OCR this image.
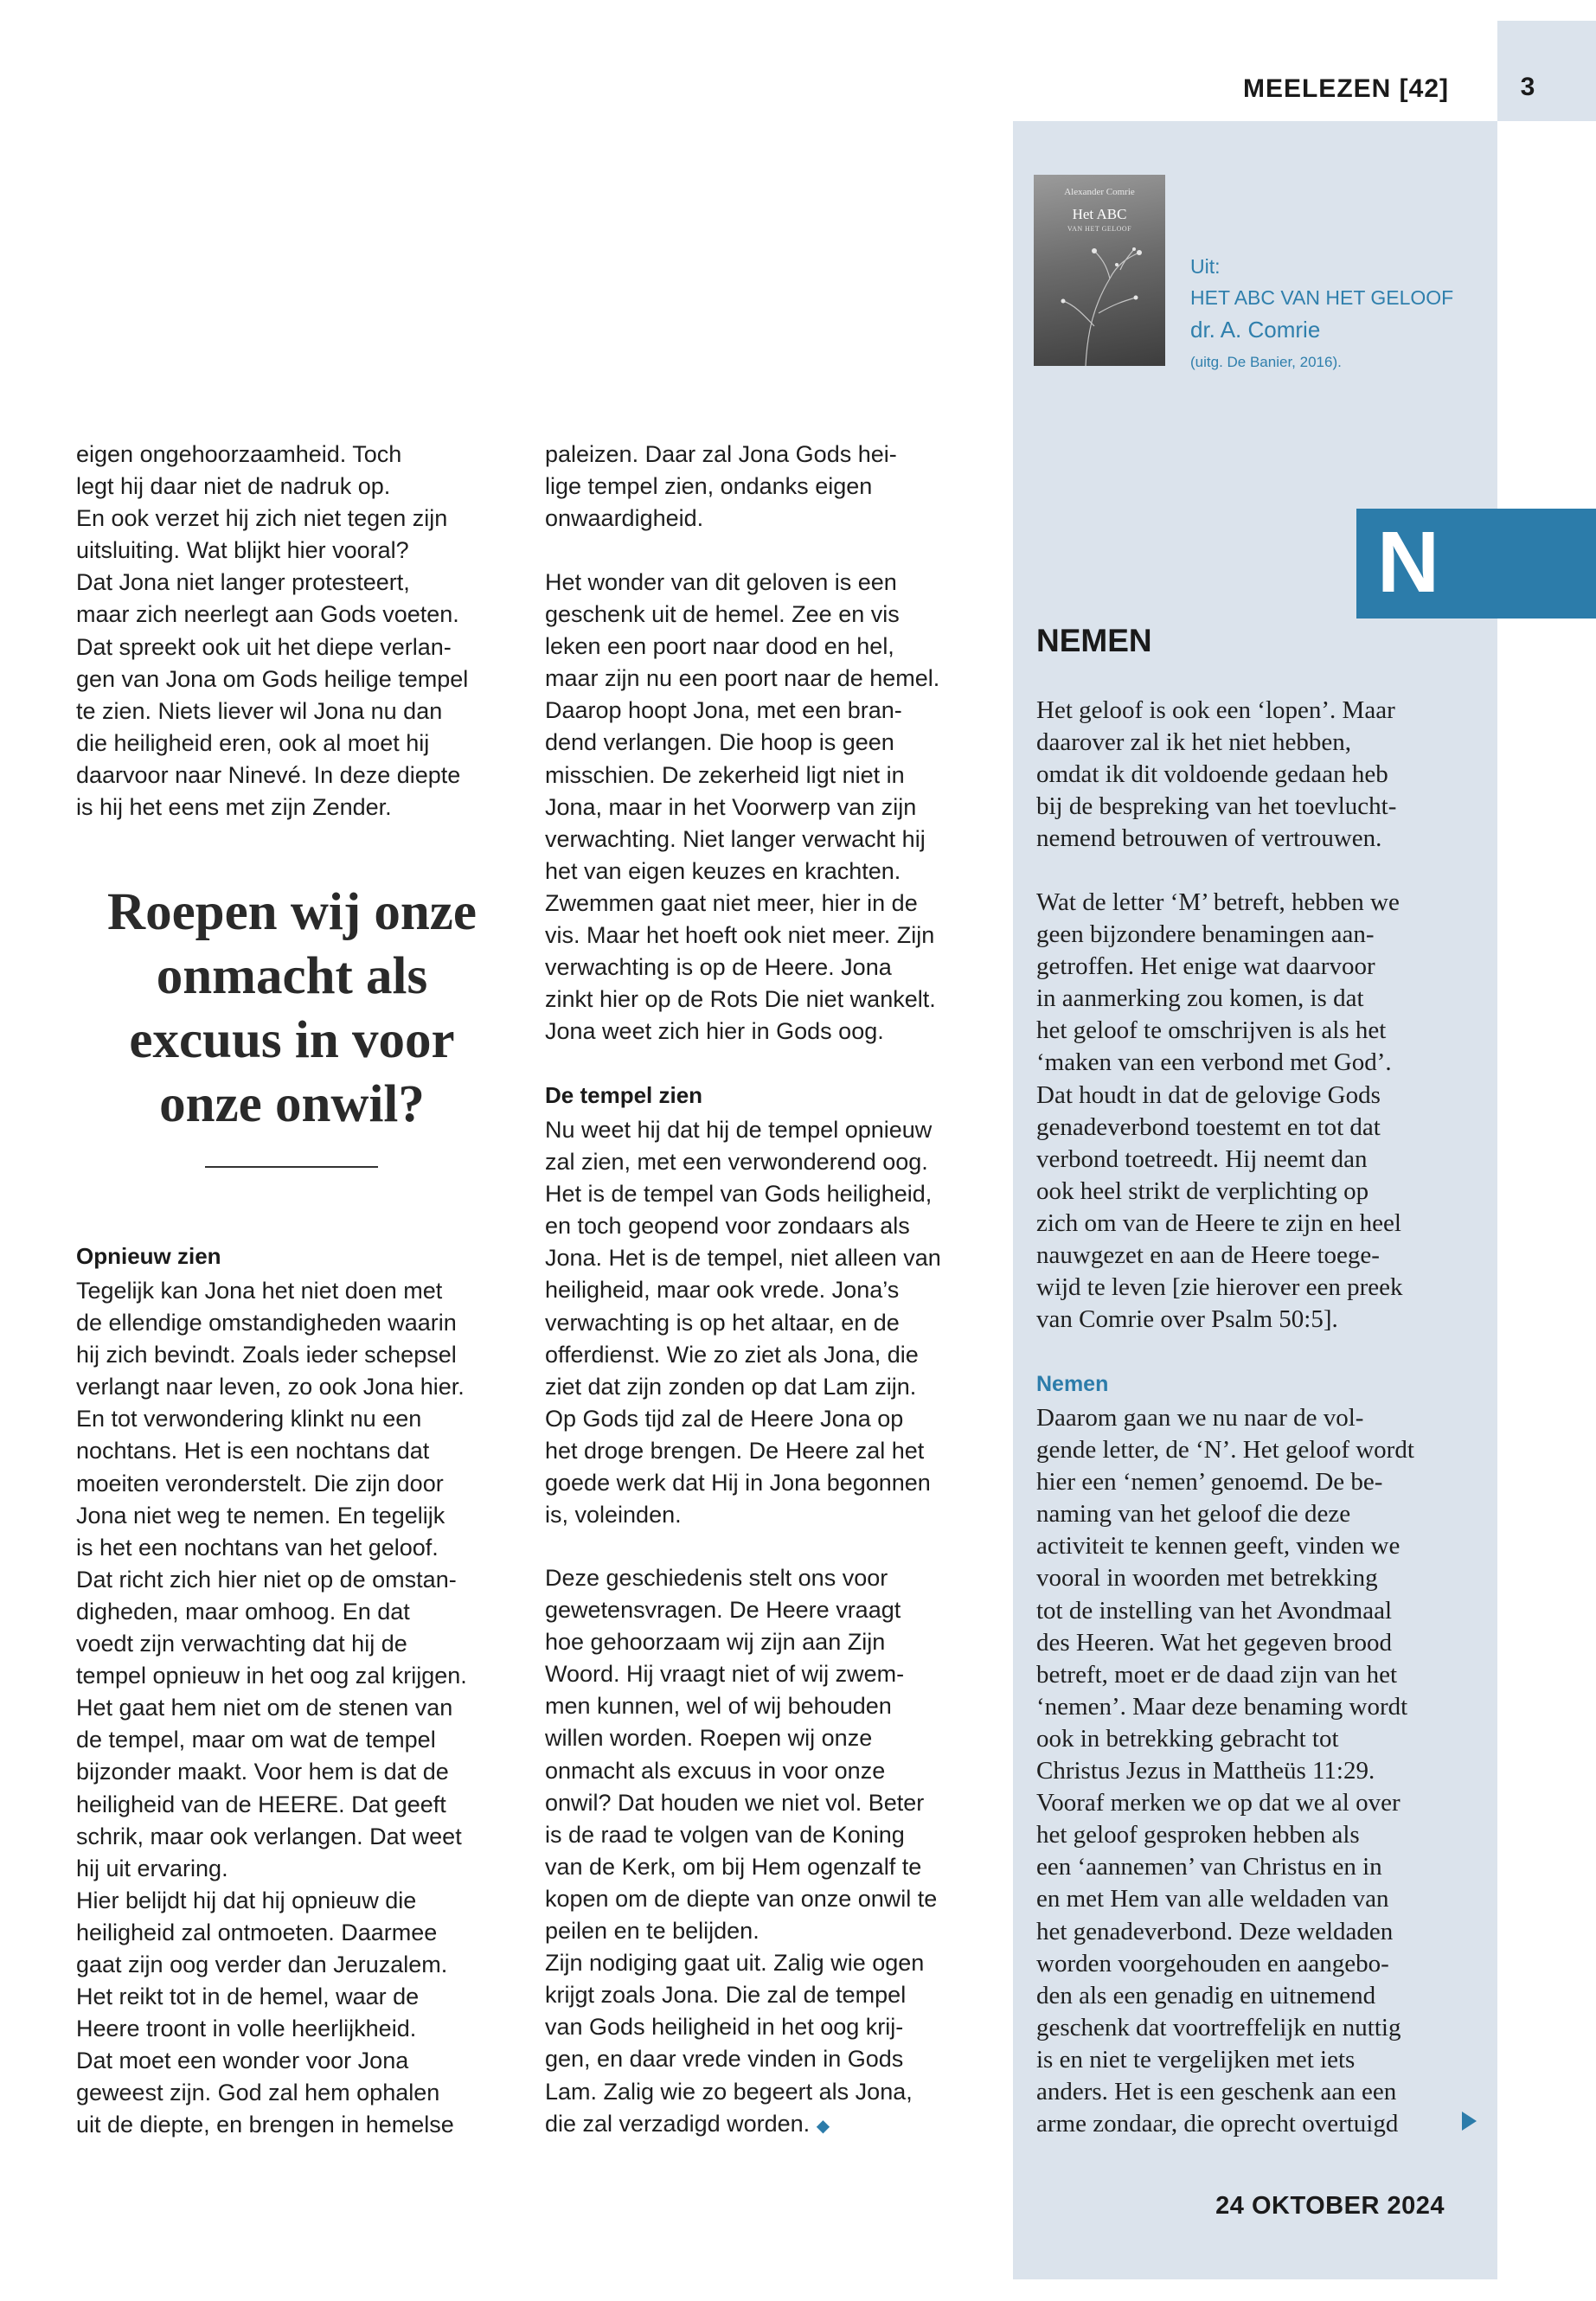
MEELEZEN [42]	3
Alexander Comrie
Het ABC
VAN HET GELOOF
Uit:
HET ABC VAN HET GELOOF
dr. A. Comrie
(uitg. De Banier, 2016).
N
NEMEN
Het geloof is ook een ‘lopen’. Maar
daarover zal ik het niet hebben,
omdat ik dit voldoende gedaan heb
bij de bespreking van het toevlucht-
nemend betrouwen of vertrouwen.
Wat de letter ‘M’ betreft, hebben we
geen bijzondere benamingen aan-
getroffen. Het enige wat daarvoor
in aanmerking zou komen, is dat
het geloof te omschrijven is als het
‘maken van een verbond met God’.
Dat houdt in dat de gelovige Gods
genadeverbond toestemt en tot dat
verbond toetreedt. Hij neemt dan
ook heel strikt de verplichting op
zich om van de Heere te zijn en heel
nauwgezet en aan de Heere toege-
wijd te leven [zie hierover een preek
van Comrie over Psalm 50:5].
Nemen
Daarom gaan we nu naar de vol-
gende letter, de ‘N’. Het geloof wordt
hier een ‘nemen’ genoemd. De be-
naming van het geloof die deze
activiteit te kennen geeft, vinden we
vooral in woorden met betrekking
tot de instelling van het Avondmaal
des Heeren. Wat het gegeven brood
betreft, moet er de daad zijn van het
‘nemen’. Maar deze benaming wordt
ook in betrekking gebracht tot
Christus Jezus in Mattheüs 11:29.
Vooraf merken we op dat we al over
het geloof gesproken hebben als
een ‘aannemen’ van Christus en in
en met Hem van alle weldaden van
het genadeverbond. Deze weldaden
worden voorgehouden en aangebo-
den als een genadig en uitnemend
geschenk dat voortreffelijk en nuttig
is en niet te vergelijken met iets
anders. Het is een geschenk aan een
arme zondaar, die oprecht overtuigd
eigen ongehoorzaamheid. Toch
legt hij daar niet de nadruk op.
En ook verzet hij zich niet tegen zijn
uitsluiting. Wat blijkt hier vooral?
Dat Jona niet langer protesteert,
maar zich neerlegt aan Gods voeten.
Dat spreekt ook uit het diepe verlan-
gen van Jona om Gods heilige tempel
te zien. Niets liever wil Jona nu dan
die heiligheid eren, ook al moet hij
daarvoor naar Ninevé. In deze diepte
is hij het eens met zijn Zender.
Roepen wij onze
onmacht als
excuus in voor
onze onwil?
Opnieuw zien
Tegelijk kan Jona het niet doen met
de ellendige omstandigheden waarin
hij zich bevindt. Zoals ieder schepsel
verlangt naar leven, zo ook Jona hier.
En tot verwondering klinkt nu een
nochtans. Het is een nochtans dat
moeiten veronderstelt. Die zijn door
Jona niet weg te nemen. En tegelijk
is het een nochtans van het geloof.
Dat richt zich hier niet op de omstan-
digheden, maar omhoog. En dat
voedt zijn verwachting dat hij de
tempel opnieuw in het oog zal krijgen.
Het gaat hem niet om de stenen van
de tempel, maar om wat de tempel
bijzonder maakt. Voor hem is dat de
heiligheid van de HEERE. Dat geeft
schrik, maar ook verlangen. Dat weet
hij uit ervaring.
Hier belijdt hij dat hij opnieuw die
heiligheid zal ontmoeten. Daarmee
gaat zijn oog verder dan Jeruzalem.
Het reikt tot in de hemel, waar de
Heere troont in volle heerlijkheid.
Dat moet een wonder voor Jona
geweest zijn. God zal hem ophalen
uit de diepte, en brengen in hemelse
paleizen. Daar zal Jona Gods hei-
lige tempel zien, ondanks eigen
onwaardigheid.
Het wonder van dit geloven is een
geschenk uit de hemel. Zee en vis
leken een poort naar dood en hel,
maar zijn nu een poort naar de hemel.
Daarop hoopt Jona, met een bran-
dend verlangen. Die hoop is geen
misschien. De zekerheid ligt niet in
Jona, maar in het Voorwerp van zijn
verwachting. Niet langer verwacht hij
het van eigen keuzes en krachten.
Zwemmen gaat niet meer, hier in de
vis. Maar het hoeft ook niet meer. Zijn
verwachting is op de Heere. Jona
zinkt hier op de Rots Die niet wankelt.
Jona weet zich hier in Gods oog.
De tempel zien
Nu weet hij dat hij de tempel opnieuw
zal zien, met een verwonderend oog.
Het is de tempel van Gods heiligheid,
en toch geopend voor zondaars als
Jona. Het is de tempel, niet alleen van
heiligheid, maar ook vrede. Jona’s
verwachting is op het altaar, en de
offerdienst. Wie zo ziet als Jona, die
ziet dat zijn zonden op dat Lam zijn.
Op Gods tijd zal de Heere Jona op
het droge brengen. De Heere zal het
goede werk dat Hij in Jona begonnen
is, voleinden.
Deze geschiedenis stelt ons voor
gewetensvragen. De Heere vraagt
hoe gehoorzaam wij zijn aan Zijn
Woord. Hij vraagt niet of wij zwem-
men kunnen, wel of wij behouden
willen worden. Roepen wij onze
onmacht als excuus in voor onze
onwil? Dat houden we niet vol. Beter
is de raad te volgen van de Koning
van de Kerk, om bij Hem ogenzalf te
kopen om de diepte van onze onwil te
peilen en te belijden.
Zijn nodiging gaat uit. Zalig wie ogen
krijgt zoals Jona. Die zal de tempel
van Gods heiligheid in het oog krij-
gen, en daar vrede vinden in Gods
Lam. Zalig wie zo begeert als Jona,
die zal verzadigd worden. ◆
24 OKTOBER 2024
